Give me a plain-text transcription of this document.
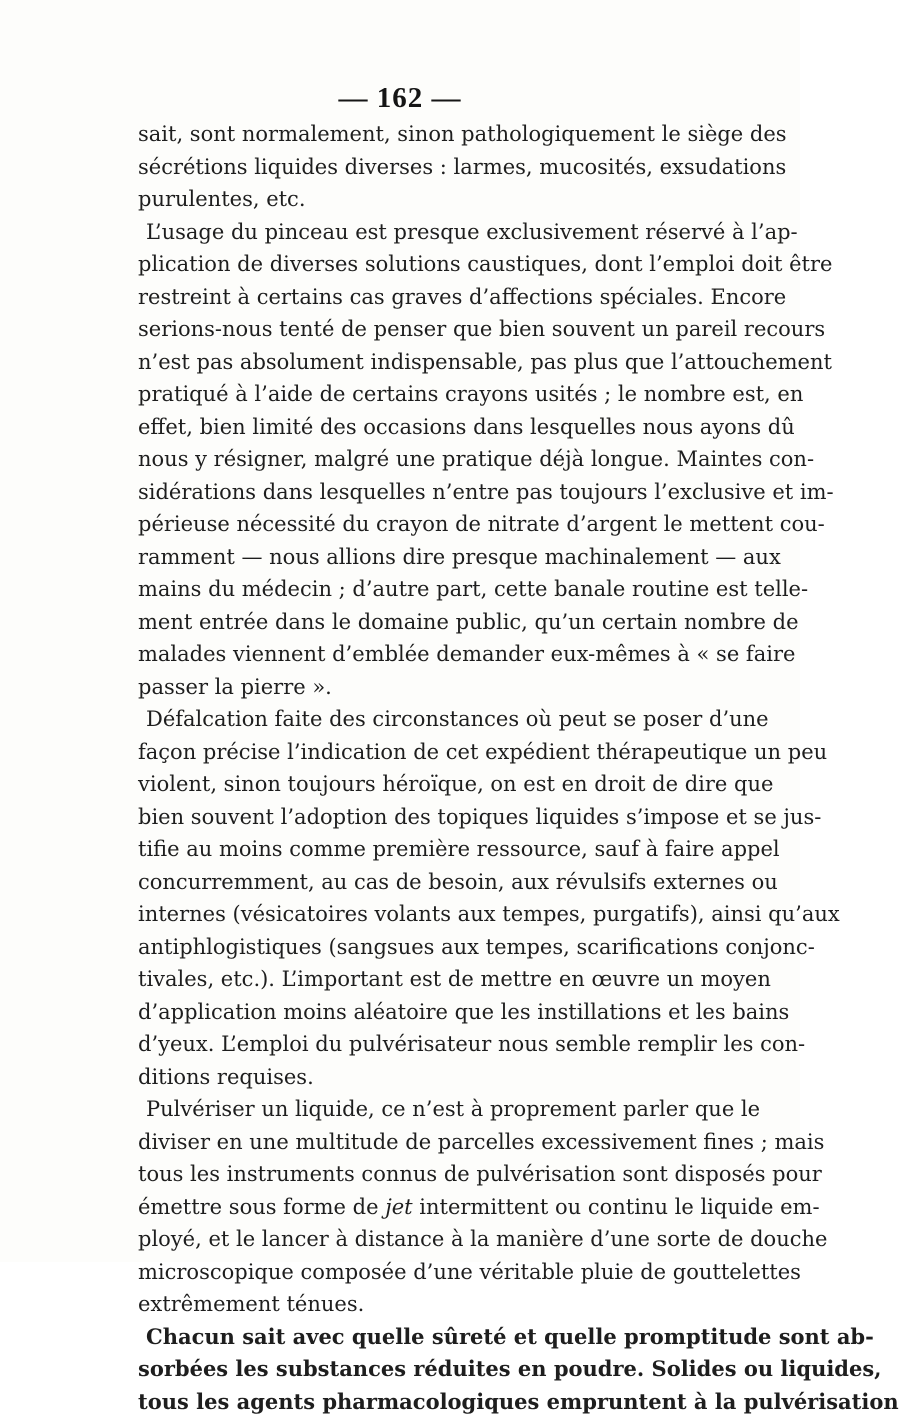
— 162 —
sait, sont normalement, sinon pathologiquement le siège des
sécrétions liquides diverses : larmes, mucosités, exsudations
purulentes, etc.
L’usage du pinceau est presque exclusivement réservé à l’ap-
plication de diverses solutions caustiques, dont l’emploi doit être
restreint à certains cas graves d’affections spéciales. Encore
serions-nous tenté de penser que bien souvent un pareil recours
n’est pas absolument indispensable, pas plus que l’attouchement
pratiqué à l’aide de certains crayons usités ; le nombre est, en
effet, bien limité des occasions dans lesquelles nous ayons dû
nous y résigner, malgré une pratique déjà longue. Maintes con-
sidérations dans lesquelles n’entre pas toujours l’exclusive et im-
périeuse nécessité du crayon de nitrate d’argent le mettent cou-
ramment — nous allions dire presque machinalement — aux
mains du médecin ; d’autre part, cette banale routine est telle-
ment entrée dans le domaine public, qu’un certain nombre de
malades viennent d’emblée demander eux-mêmes à « se faire
passer la pierre ».
Défalcation faite des circonstances où peut se poser d’une
façon précise l’indication de cet expédient thérapeutique un peu
violent, sinon toujours héroïque, on est en droit de dire que
bien souvent l’adoption des topiques liquides s’impose et se jus-
tifie au moins comme première ressource, sauf à faire appel
concurremment, au cas de besoin, aux révulsifs externes ou
internes (vésicatoires volants aux tempes, purgatifs), ainsi qu’aux
antiphlogistiques (sangsues aux tempes, scarifications conjonc-
tivales, etc.). L’important est de mettre en œuvre un moyen
d’application moins aléatoire que les instillations et les bains
d’yeux. L’emploi du pulvérisateur nous semble remplir les con-
ditions requises.
Pulvériser un liquide, ce n’est à proprement parler que le
diviser en une multitude de parcelles excessivement fines ; mais
tous les instruments connus de pulvérisation sont disposés pour
émettre sous forme de jet intermittent ou continu le liquide em-
ployé, et le lancer à distance à la manière d’une sorte de douche
microscopique composée d’une véritable pluie de gouttelettes
extrêmement ténues.
Chacun sait avec quelle sûreté et quelle promptitude sont ab-
sorbées les substances réduites en poudre. Solides ou liquides,
tous les agents pharmacologiques empruntent à la pulvérisation
